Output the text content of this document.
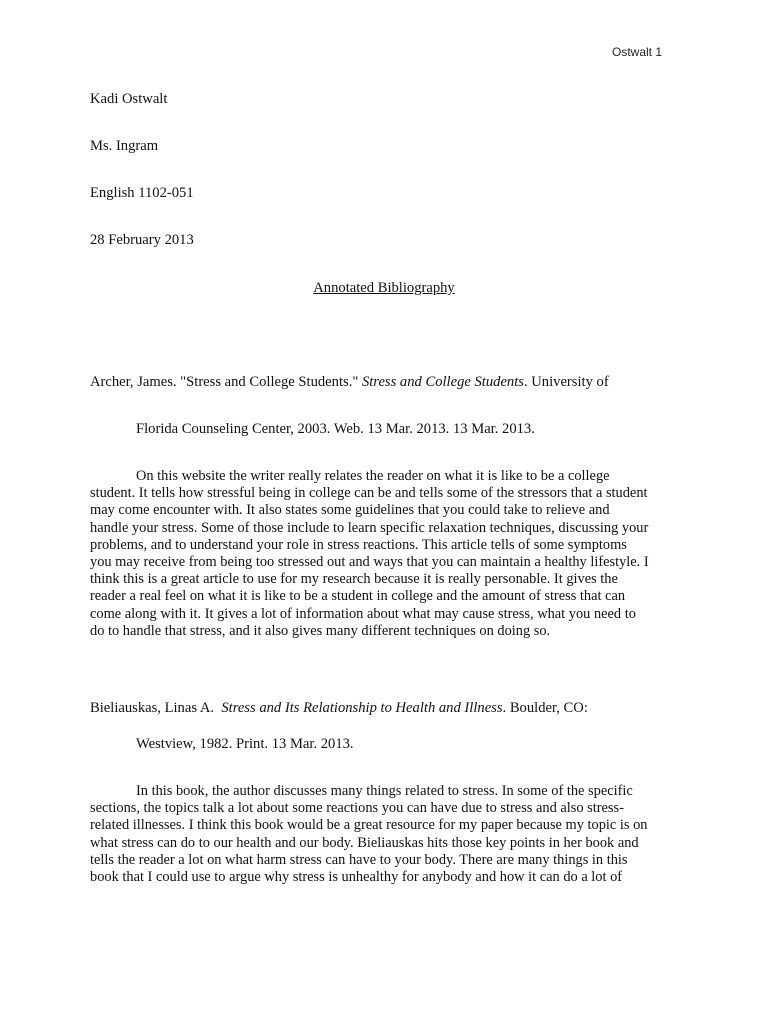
Ostwalt 1
Kadi Ostwalt
Ms. Ingram
English 1102-051
28 February 2013
Annotated Bibliography
Archer, James. "Stress and College Students." Stress and College Students. University of
Florida Counseling Center, 2003. Web. 13 Mar. 2013. 13 Mar. 2013.
On this website the writer really relates the reader on what it is like to be a college
student. It tells how stressful being in college can be and tells some of the stressors that a student
may come encounter with. It also states some guidelines that you could take to relieve and
handle your stress. Some of those include to learn specific relaxation techniques, discussing your
problems, and to understand your role in stress reactions. This article tells of some symptoms
you may receive from being too stressed out and ways that you can maintain a healthy lifestyle. I
think this is a great article to use for my research because it is really personable. It gives the
reader a real feel on what it is like to be a student in college and the amount of stress that can
come along with it. It gives a lot of information about what may cause stress, what you need to
do to handle that stress, and it also gives many different techniques on doing so.
Bieliauskas, Linas A.  Stress and Its Relationship to Health and Illness. Boulder, CO:
Westview, 1982. Print. 13 Mar. 2013.
In this book, the author discusses many things related to stress. In some of the specific
sections, the topics talk a lot about some reactions you can have due to stress and also stress-
related illnesses. I think this book would be a great resource for my paper because my topic is on
what stress can do to our health and our body. Bieliauskas hits those key points in her book and
tells the reader a lot on what harm stress can have to your body. There are many things in this
book that I could use to argue why stress is unhealthy for anybody and how it can do a lot of
